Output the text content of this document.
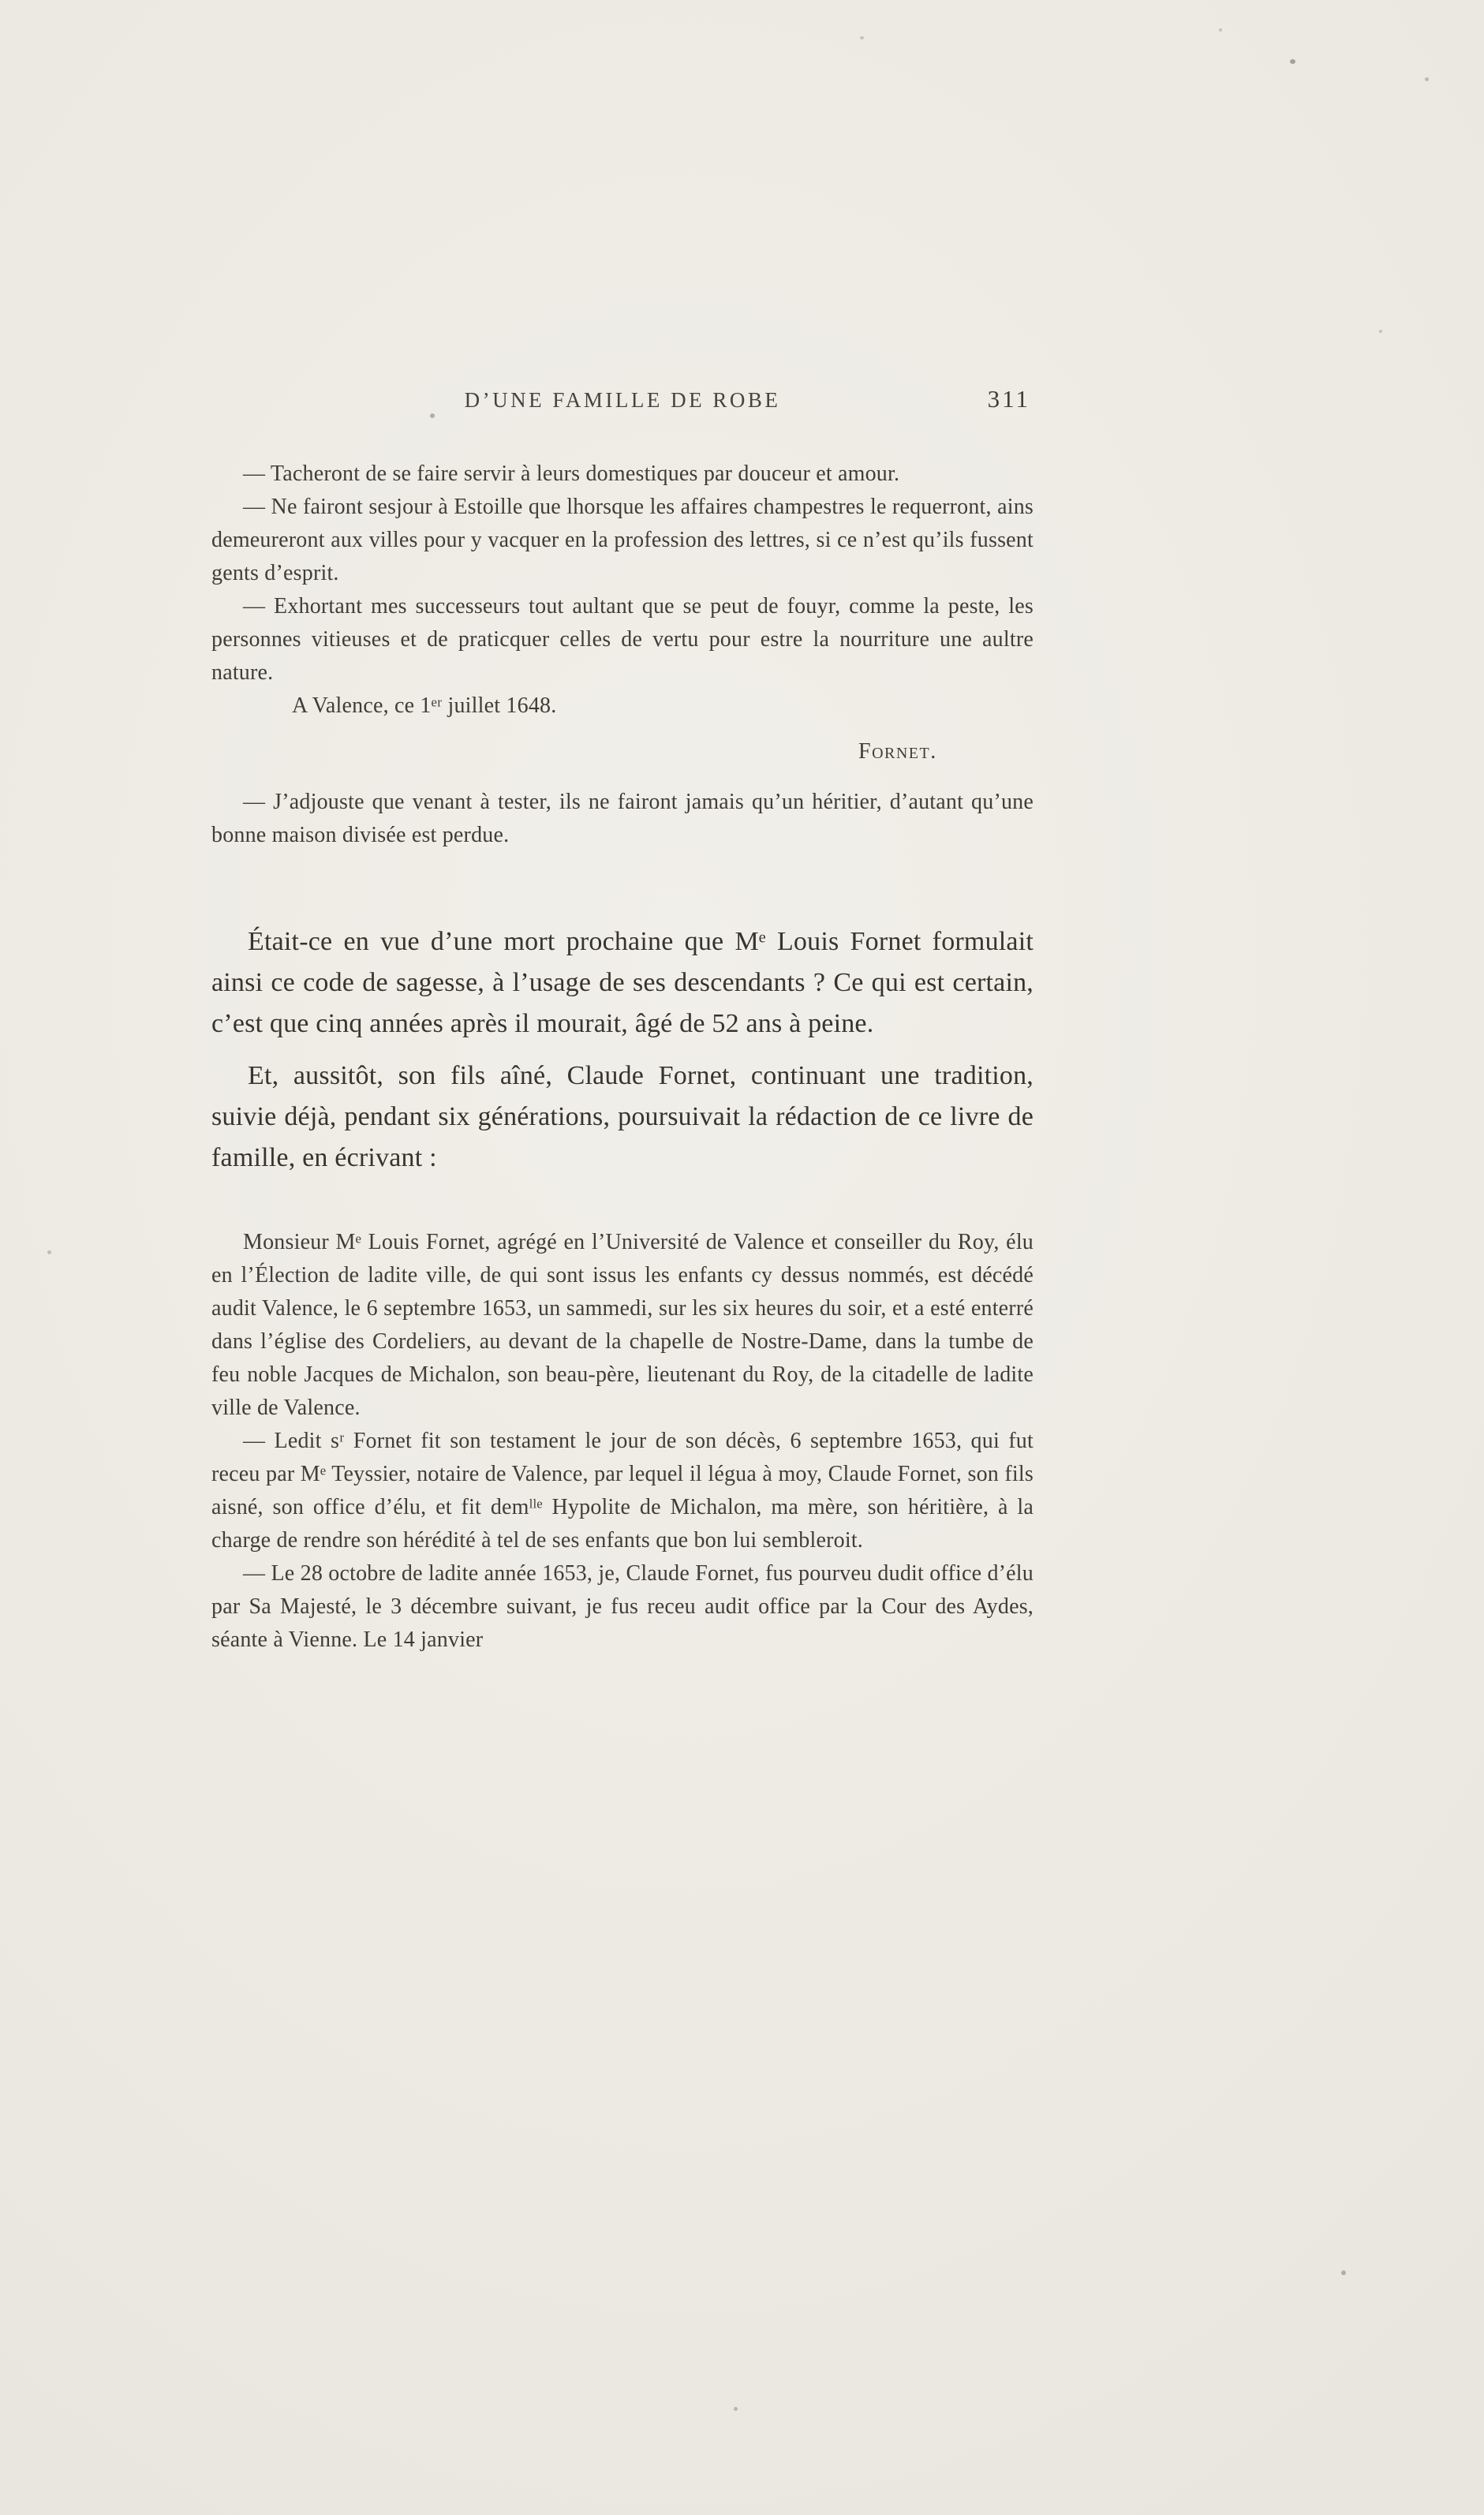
D’UNE FAMILLE DE ROBE	311

— Tacheront de se faire servir à leurs domestiques par douceur et amour.

— Ne fairont sesjour à Estoille que lhorsque les affaires champestres le requerront, ains demeureront aux villes pour y vacquer en la profession des lettres, si ce n’est qu’ils fussent gents d’esprit.

— Exhortant mes successeurs tout aultant que se peut de fouyr, comme la peste, les personnes vitieuses et de praticquer celles de vertu pour estre la nourriture une aultre nature.

A Valence, ce 1ᵉʳ juillet 1648.

Fornet.

— J’adjouste que venant à tester, ils ne fairont jamais qu’un héritier, d’autant qu’une bonne maison divisée est perdue.

Était-ce en vue d’une mort prochaine que Mᵉ Louis Fornet formulait ainsi ce code de sagesse, à l’usage de ses descendants ? Ce qui est certain, c’est que cinq années après il mourait, âgé de 52 ans à peine.

Et, aussitôt, son fils aîné, Claude Fornet, continuant une tradition, suivie déjà, pendant six générations, poursuivait la rédaction de ce livre de famille, en écrivant :

Monsieur Mᵉ Louis Fornet, agrégé en l’Université de Valence et conseiller du Roy, élu en l’Élection de ladite ville, de qui sont issus les enfants cy dessus nommés, est décédé audit Valence, le 6 septembre 1653, un sammedi, sur les six heures du soir, et a esté enterré dans l’église des Cordeliers, au devant de la chapelle de Nostre-Dame, dans la tumbe de feu noble Jacques de Michalon, son beau-père, lieutenant du Roy, de la citadelle de ladite ville de Valence.

— Ledit sʳ Fornet fit son testament le jour de son décès, 6 septembre 1653, qui fut receu par Mᵉ Teyssier, notaire de Valence, par lequel il légua à moy, Claude Fornet, son fils aisné, son office d’élu, et fit demˡˡᵉ Hypolite de Michalon, ma mère, son héritière, à la charge de rendre son hérédité à tel de ses enfants que bon lui sembleroit.

— Le 28 octobre de ladite année 1653, je, Claude Fornet, fus pourveu dudit office d’élu par Sa Majesté, le 3 décembre suivant, je fus receu audit office par la Cour des Aydes, séante à Vienne. Le 14 janvier
